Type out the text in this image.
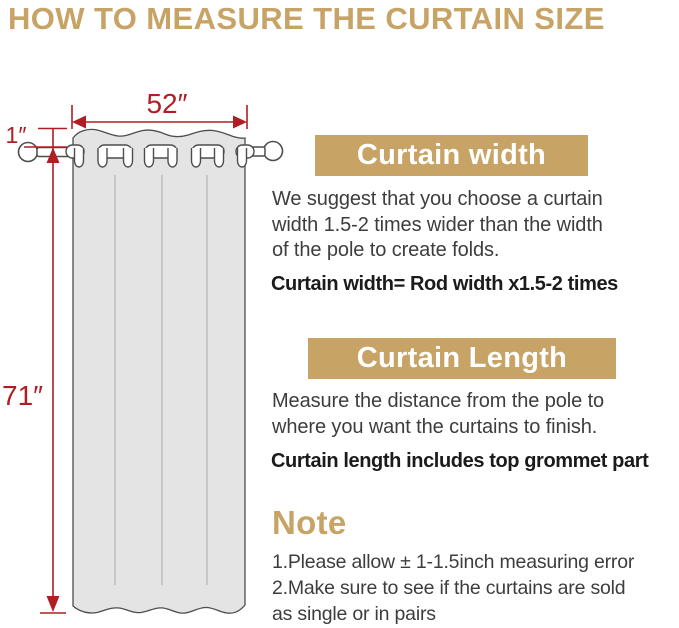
HOW TO MEASURE THE CURTAIN SIZE
52″
1″
71″
Curtain width
We suggest that you choose a curtain
width 1.5-2 times wider than the width
of the pole to create folds.
Curtain width= Rod width x1.5-2 times
Curtain Length
Measure the distance from the pole to
where you want the curtains to finish.
Curtain length includes top grommet part
Note
1.Please allow ± 1-1.5inch measuring error
2.Make sure to see if the curtains are sold
as single or in pairs
